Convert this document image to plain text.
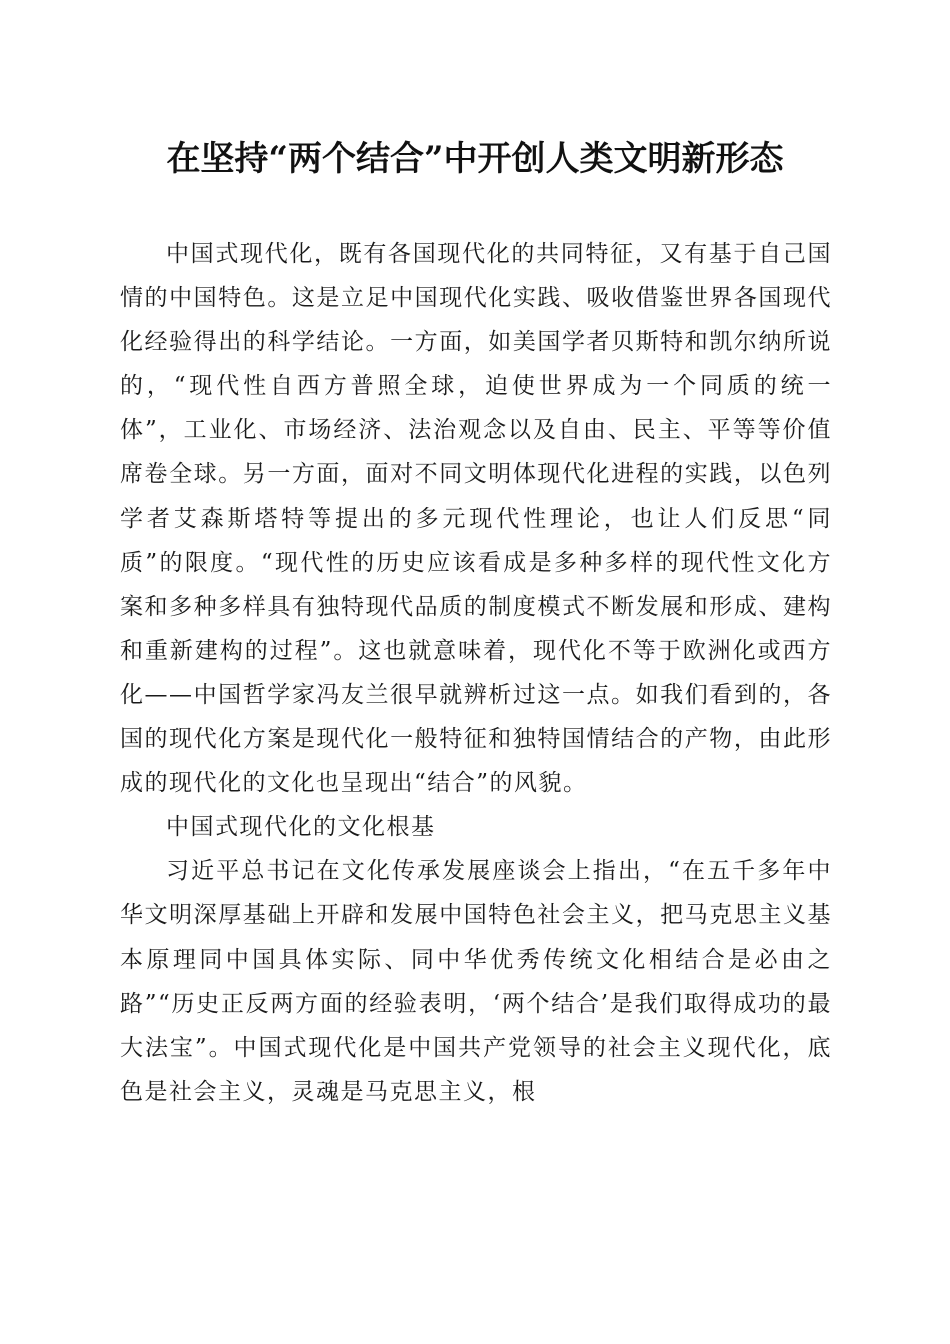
在坚持“两个结合”中开创人类文明新形态

中国式现代化，既有各国现代化的共同特征，又有基于自己国情的中国特色。这是立足中国现代化实践、吸收借鉴世界各国现代化经验得出的科学结论。一方面，如美国学者贝斯特和凯尔纳所说的，“现代性自西方普照全球，迫使世界成为一个同质的统一体”，工业化、市场经济、法治观念以及自由、民主、平等等价值席卷全球。另一方面，面对不同文明体现代化进程的实践，以色列学者艾森斯塔特等提出的多元现代性理论，也让人们反思“同质”的限度。“现代性的历史应该看成是多种多样的现代性文化方案和多种多样具有独特现代品质的制度模式不断发展和形成、建构和重新建构的过程”。这也就意味着，现代化不等于欧洲化或西方化——中国哲学家冯友兰很早就辨析过这一点。如我们看到的，各国的现代化方案是现代化一般特征和独特国情结合的产物，由此形成的现代化的文化也呈现出“结合”的风貌。

中国式现代化的文化根基

习近平总书记在文化传承发展座谈会上指出，“在五千多年中华文明深厚基础上开辟和发展中国特色社会主义，把马克思主义基本原理同中国具体实际、同中华优秀传统文化相结合是必由之路”“历史正反两方面的经验表明，‘两个结合’是我们取得成功的最大法宝”。中国式现代化是中国共产党领导的社会主义现代化，底色是社会主义，灵魂是马克思主义，根
